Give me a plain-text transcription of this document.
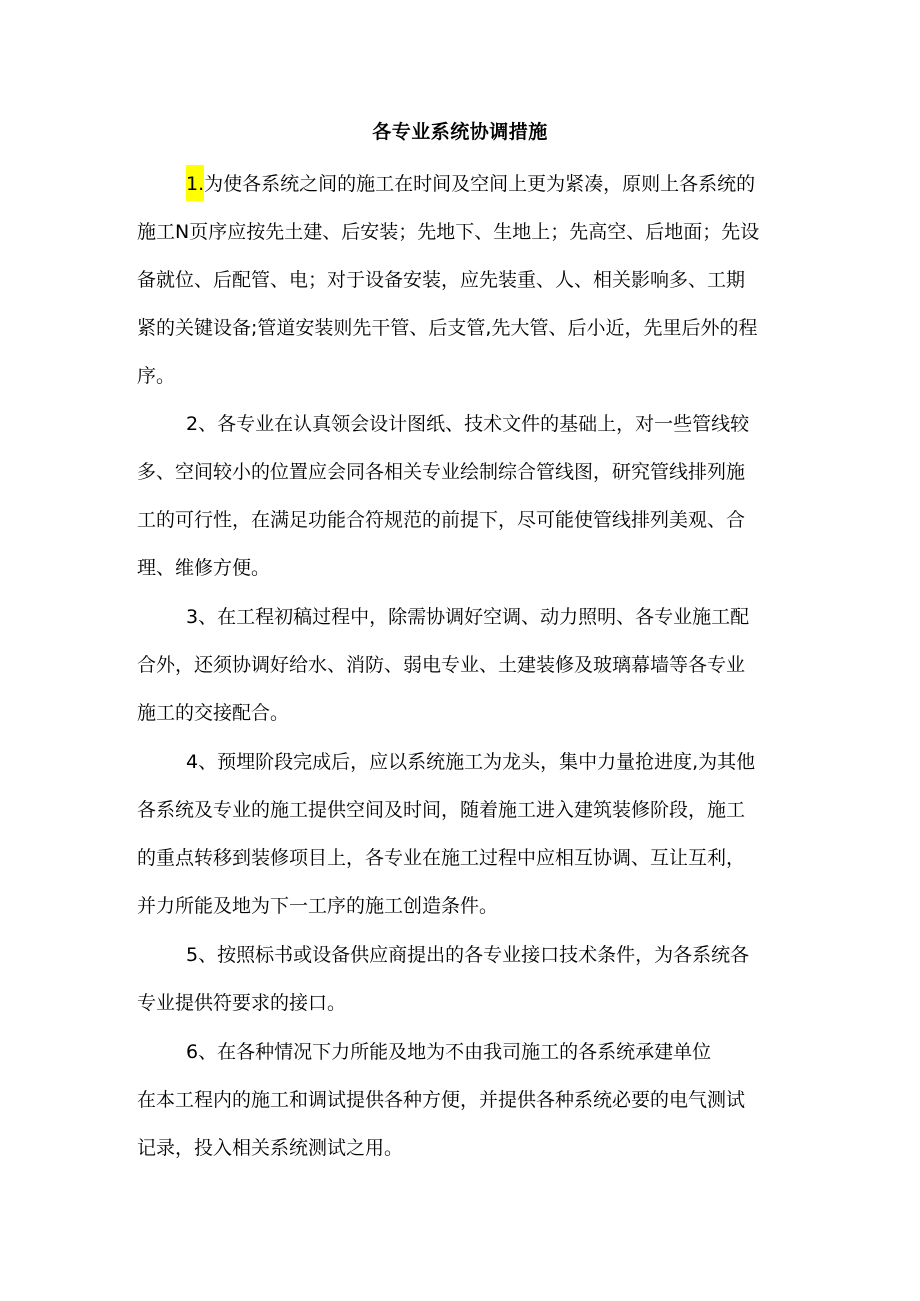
各专业系统协调措施
1.为使各系统之间的施工在时间及空间上更为紧凑，原则上各系统的
施工N页序应按先土建、后安装；先地下、生地上；先高空、后地面；先设
备就位、后配管、电；对于设备安装，应先装重、人、相关影响多、工期
紧的关键设备;管道安装则先干管、后支管,先大管、后小近，先里后外的程
序。
2、各专业在认真领会设计图纸、技术文件的基础上，对一些管线较
多、空间较小的位置应会同各相关专业绘制综合管线图，研究管线排列施
工的可行性，在满足功能合符规范的前提下，尽可能使管线排列美观、合
理、维修方便。
3、在工程初稿过程中，除需协调好空调、动力照明、各专业施工配
合外，还须协调好给水、消防、弱电专业、土建装修及玻璃幕墙等各专业
施工的交接配合。
4、预埋阶段完成后，应以系统施工为龙头，集中力量抢进度,为其他
各系统及专业的施工提供空间及时间，随着施工进入建筑装修阶段，施工
的重点转移到装修项目上，各专业在施工过程中应相互协调、互让互利，
并力所能及地为下一工序的施工创造条件。
5、按照标书或设备供应商提出的各专业接口技术条件，为各系统各
专业提供符要求的接口。
6、在各种情况下力所能及地为不由我司施工的各系统承建单位
在本工程内的施工和调试提供各种方便，并提供各种系统必要的电气测试
记录，投入相关系统测试之用。
